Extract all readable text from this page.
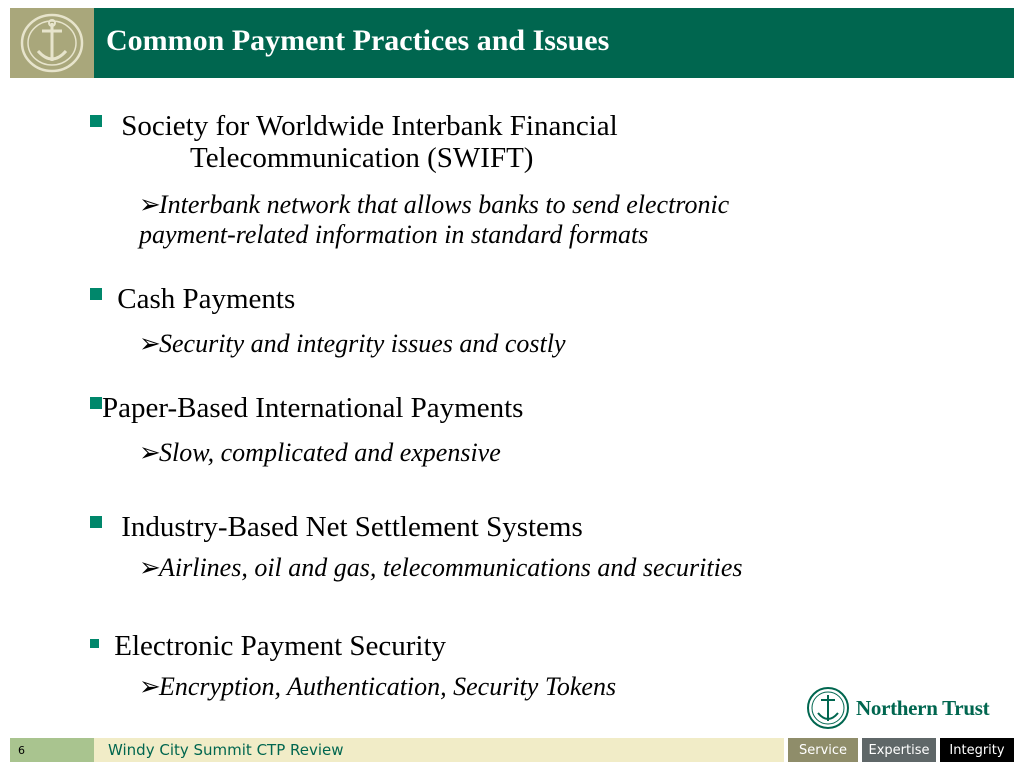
Common Payment Practices and Issues
Society for Worldwide Interbank Financial
Telecommunication (SWIFT)
➢Interbank network that allows banks to send electronic
payment-related information in standard formats
Cash Payments
➢Security and integrity issues and costly
Paper-Based International Payments
➢Slow, complicated and expensive
Industry-Based Net Settlement Systems
➢Airlines, oil and gas, telecommunications and securities
Electronic Payment Security
➢Encryption, Authentication, Security Tokens
Northern Trust
6	Windy City Summit CTP Review	Service	Expertise	Integrity
